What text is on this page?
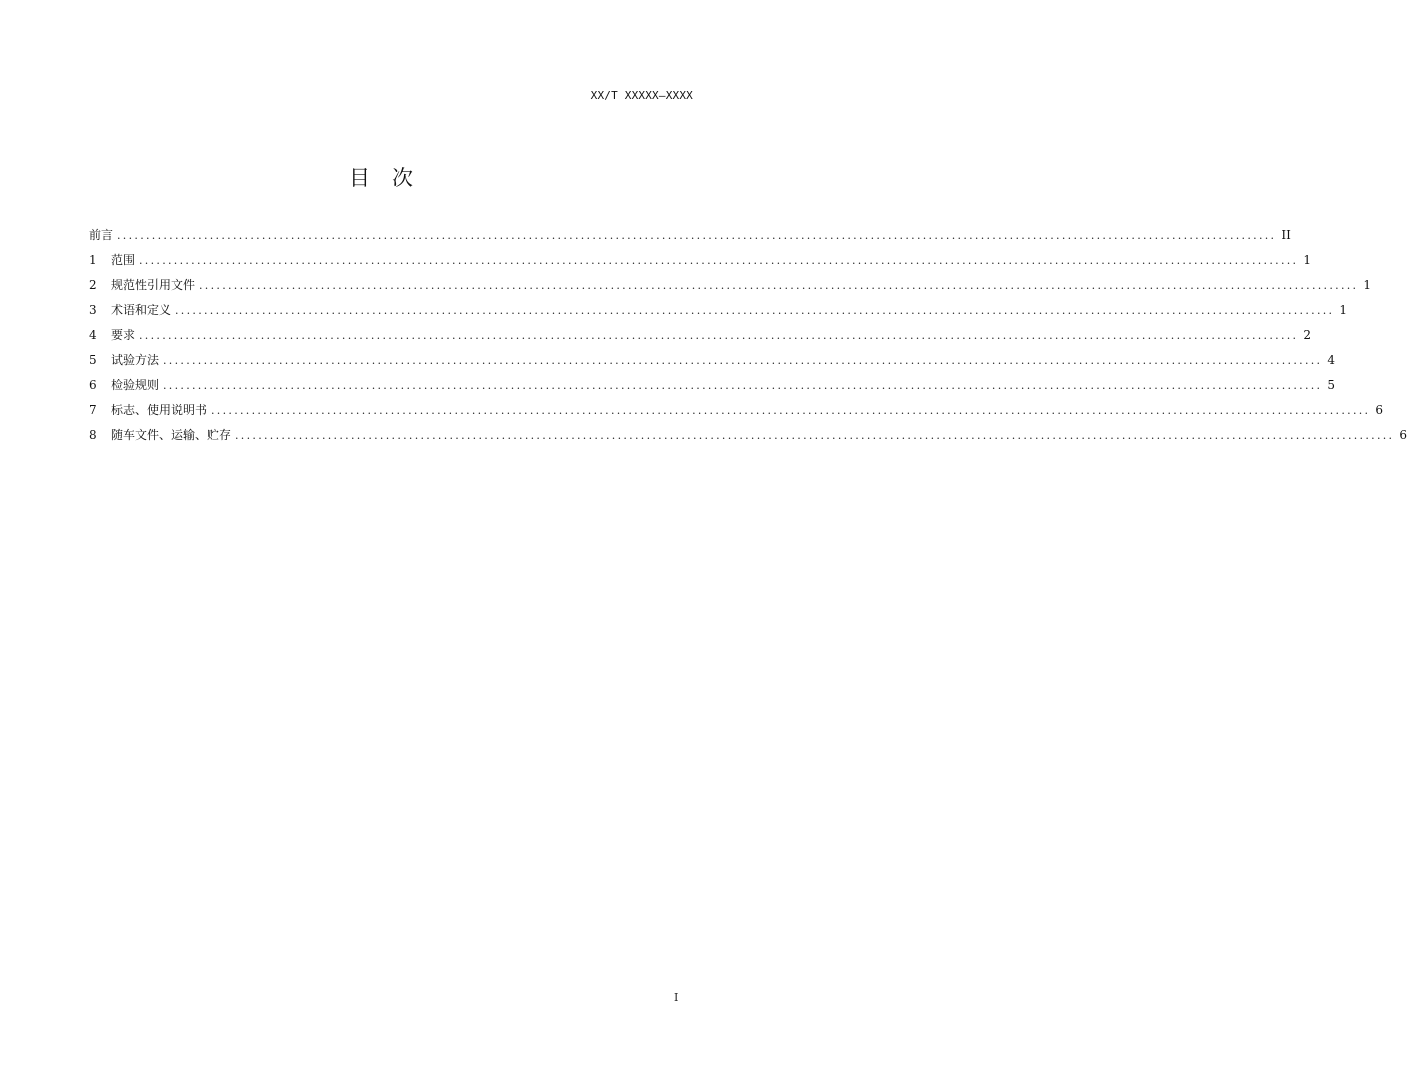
XX/T XXXXX—XXXX
目次
前言 ........................................................................................................................................................................................................ II
1	范围 ........................................................................................................................................................................................................ 1
2	规范性引用文件 ........................................................................................................................................................................................................ 1
3	术语和定义 ........................................................................................................................................................................................................ 1
4	要求 ........................................................................................................................................................................................................ 2
5	试验方法 ........................................................................................................................................................................................................ 4
6	检验规则 ........................................................................................................................................................................................................ 5
7	标志、使用说明书 ........................................................................................................................................................................................................ 6
8	随车文件、运输、贮存 ........................................................................................................................................................................................................ 6
I
